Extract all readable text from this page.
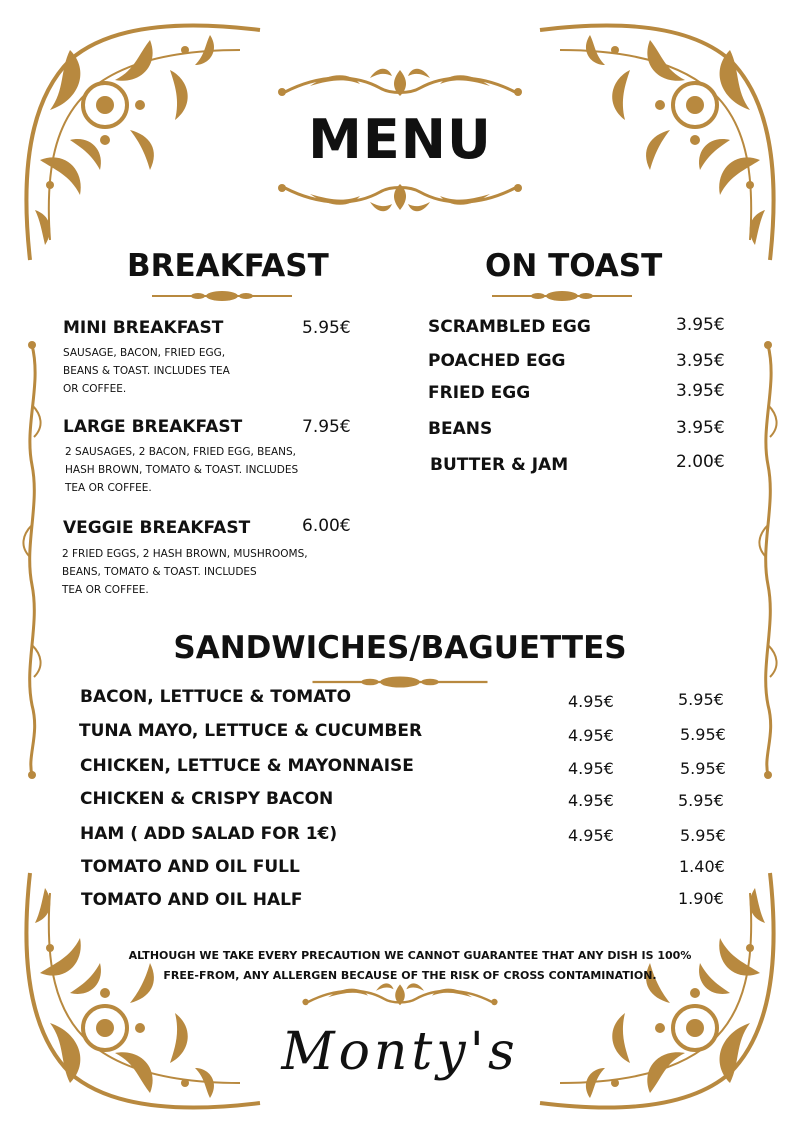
MENU
BREAKFAST
MINI BREAKFAST	5.95€
SAUSAGE, BACON, FRIED EGG,
BEANS & TOAST. INCLUDES TEA
OR COFFEE.
LARGE BREAKFAST	7.95€
2 SAUSAGES, 2 BACON, FRIED EGG, BEANS,
HASH BROWN, TOMATO & TOAST. INCLUDES
TEA OR COFFEE.
VEGGIE BREAKFAST	6.00€
2 FRIED EGGS, 2 HASH BROWN, MUSHROOMS,
BEANS, TOMATO & TOAST. INCLUDES
TEA OR COFFEE.
ON TOAST
SCRAMBLED EGG	3.95€
POACHED EGG	3.95€
FRIED EGG	3.95€
BEANS	3.95€
BUTTER & JAM	2.00€
SANDWICHES/BAGUETTES
BACON, LETTUCE & TOMATO	4.95€	5.95€
TUNA MAYO, LETTUCE & CUCUMBER	4.95€	5.95€
CHICKEN, LETTUCE & MAYONNAISE	4.95€	5.95€
CHICKEN & CRISPY BACON	4.95€	5.95€
HAM ( ADD SALAD FOR 1€)	4.95€	5.95€
TOMATO AND OIL FULL	1.40€
TOMATO AND OIL HALF	1.90€
ALTHOUGH WE TAKE EVERY PRECAUTION WE CANNOT GUARANTEE THAT ANY DISH IS 100%
FREE-FROM, ANY ALLERGEN BECAUSE OF THE RISK OF CROSS CONTAMINATION.
Monty's
